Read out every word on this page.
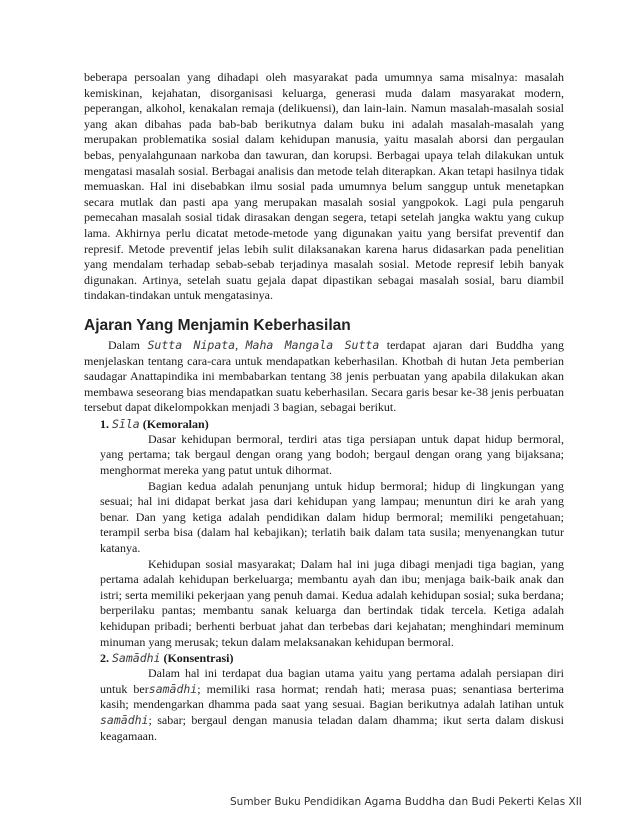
beberapa persoalan yang dihadapi oleh masyarakat pada umumnya sama misalnya: masalah kemiskinan, kejahatan, disorganisasi keluarga, generasi muda dalam masyarakat modern, peperangan, alkohol, kenakalan remaja (delikuensi), dan lain-lain. Namun masalah-masalah sosial yang akan dibahas pada bab-bab berikutnya dalam buku ini adalah masalah-masalah yang merupakan problematika sosial dalam kehidupan manusia, yaitu masalah aborsi dan pergaulan bebas, penyalahgunaan narkoba dan tawuran, dan korupsi. Berbagai upaya telah dilakukan untuk mengatasi masalah sosial. Berbagai analisis dan metode telah diterapkan. Akan tetapi hasilnya tidak memuaskan. Hal ini disebabkan ilmu sosial pada umumnya belum sanggup untuk menetapkan secara mutlak dan pasti apa yang merupakan masalah sosial yangpokok. Lagi pula pengaruh pemecahan masalah sosial tidak dirasakan dengan segera, tetapi setelah jangka waktu yang cukup lama. Akhirnya perlu dicatat metode-metode yang digunakan yaitu yang bersifat preventif dan represif. Metode preventif jelas lebih sulit dilaksanakan karena harus didasarkan pada penelitian yang mendalam terhadap sebab-sebab terjadinya masalah sosial. Metode represif lebih banyak digunakan. Artinya, setelah suatu gejala dapat dipastikan sebagai masalah sosial, baru diambil tindakan-tindakan untuk mengatasinya.

Ajaran Yang Menjamin Keberhasilan

Dalam Sutta Nipata, Maha Mangala Sutta terdapat ajaran dari Buddha yang menjelaskan tentang cara-cara untuk mendapatkan keberhasilan. Khotbah di hutan Jeta pemberian saudagar Anattapindika ini membabarkan tentang 38 jenis perbuatan yang apabila dilakukan akan membawa seseorang bias mendapatkan suatu keberhasilan. Secara garis besar ke-38 jenis perbuatan tersebut dapat dikelompokkan menjadi 3 bagian, sebagai berikut.

1. Sīla (Kemoralan)

Dasar kehidupan bermoral, terdiri atas tiga persiapan untuk dapat hidup bermoral, yang pertama; tak bergaul dengan orang yang bodoh; bergaul dengan orang yang bijaksana; menghormat mereka yang patut untuk dihormat.

Bagian kedua adalah penunjang untuk hidup bermoral; hidup di lingkungan yang sesuai; hal ini didapat berkat jasa dari kehidupan yang lampau; menuntun diri ke arah yang benar. Dan yang ketiga adalah pendidikan dalam hidup bermoral; memiliki pengetahuan; terampil serba bisa (dalam hal kebajikan); terlatih baik dalam tata susila; menyenangkan tutur katanya.

Kehidupan sosial masyarakat; Dalam hal ini juga dibagi menjadi tiga bagian, yang pertama adalah kehidupan berkeluarga; membantu ayah dan ibu; menjaga baik-baik anak dan istri; serta memiliki pekerjaan yang penuh damai. Kedua adalah kehidupan sosial; suka berdana; berperilaku pantas; membantu sanak keluarga dan bertindak tidak tercela. Ketiga adalah kehidupan pribadi; berhenti berbuat jahat dan terbebas dari kejahatan; menghindari meminum minuman yang merusak; tekun dalam melaksanakan kehidupan bermoral.

2. Samādhi (Konsentrasi)

Dalam hal ini terdapat dua bagian utama yaitu yang pertama adalah persiapan diri untuk bersamādhi; memiliki rasa hormat; rendah hati; merasa puas; senantiasa berterima kasih; mendengarkan dhamma pada saat yang sesuai. Bagian berikutnya adalah latihan untuk samādhi; sabar; bergaul dengan manusia teladan dalam dhamma; ikut serta dalam diskusi keagamaan.

Sumber Buku Pendidikan Agama Buddha dan Budi Pekerti Kelas XII
